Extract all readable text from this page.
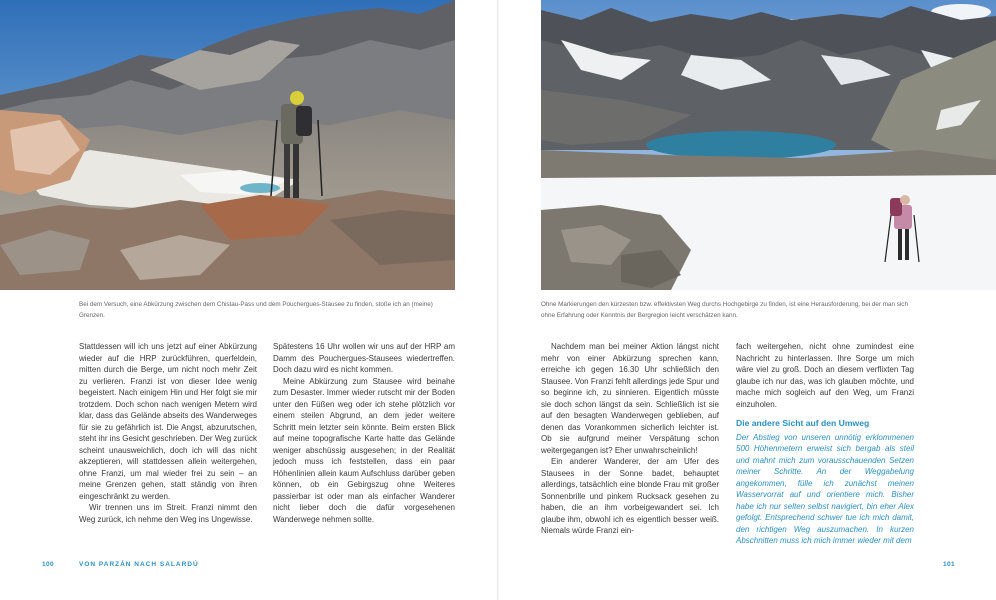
Bei dem Versuch, eine Abkürzung zwischen dem Chistau-Pass und dem Pouchergues-Stausee zu finden, stoße ich an (meine) Grenzen.
Ohne Markierungen den kürzesten bzw. effektivsten Weg durchs Hochgebirge zu finden, ist eine Herausforderung, bei der man sich ohne Erfahrung oder Kenntnis der Bergregion leicht verschätzen kann.

Stattdessen will ich uns jetzt auf einer Abkürzung wieder auf die HRP zurückführen, querfeldein, mitten durch die Berge, um nicht noch mehr Zeit zu verlieren. Franzi ist von dieser Idee wenig begeistert. Nach einigem Hin und Her folgt sie mir trotzdem. Doch schon nach wenigen Metern wird klar, dass das Gelände abseits des Wanderweges für sie zu gefährlich ist. Die Angst, abzurutschen, steht ihr ins Gesicht geschrieben. Der Weg zurück scheint unausweichlich, doch ich will das nicht akzeptieren, will stattdessen allein weitergehen, ohne Franzi, um mal wieder frei zu sein – an meine Grenzen gehen, statt ständig von ihren eingeschränkt zu werden.

Wir trennen uns im Streit. Franzi nimmt den Weg zurück, ich nehme den Weg ins Ungewisse.

Spätestens 16 Uhr wollen wir uns auf der HRP am Damm des Pouchergues-Stausees wiedertreffen. Doch dazu wird es nicht kommen.

Meine Abkürzung zum Stausee wird beinahe zum Desaster. Immer wieder rutscht mir der Boden unter den Füßen weg oder ich stehe plötzlich vor einem steilen Abgrund, an dem jeder weitere Schritt mein letzter sein könnte. Beim ersten Blick auf meine topografische Karte hatte das Gelände weniger abschüssig ausgesehen; in der Realität jedoch muss ich feststellen, dass ein paar Höhenlinien allein kaum Aufschluss darüber geben können, ob ein Gebirgszug ohne Weiteres passierbar ist oder man als einfacher Wanderer nicht lieber doch die dafür vorgesehenen Wanderwege nehmen sollte.

Nachdem man bei meiner Aktion längst nicht mehr von einer Abkürzung sprechen kann, erreiche ich gegen 16.30 Uhr schließlich den Stausee. Von Franzi fehlt allerdings jede Spur und so beginne ich, zu sinnieren. Eigentlich müsste sie doch schon längst da sein. Schließlich ist sie auf den besagten Wanderwegen geblieben, auf denen das Vorankommen sicherlich leichter ist. Ob sie aufgrund meiner Verspätung schon weitergegangen ist? Eher unwahrscheinlich!

Ein anderer Wanderer, der am Ufer des Stausees in der Sonne badet, behauptet allerdings, tatsächlich eine blonde Frau mit großer Sonnenbrille und pinkem Rucksack gesehen zu haben, die an ihm vorbeigewandert sei. Ich glaube ihm, obwohl ich es eigentlich besser weiß. Niemals würde Franzi ein-

fach weitergehen, nicht ohne zumindest eine Nachricht zu hinterlassen. Ihre Sorge um mich wäre viel zu groß. Doch an diesem verflixten Tag glaube ich nur das, was ich glauben möchte, und mache mich sogleich auf den Weg, um Franzi einzuholen.

Die andere Sicht auf den Umweg

Der Abstieg von unseren unnötig erklommenen 500 Höhenmetern erweist sich bergab als steil und mahnt mich zum vorausschauenden Setzen meiner Schritte. An der Weggabelung angekommen, fülle ich zunächst meinen Wasservorrat auf und orientiere mich. Bisher habe ich nur selten selbst navigiert, bin eher Alex gefolgt. Entsprechend schwer tue ich mich damit, den richtigen Weg auszumachen. In kurzen Abschnitten muss ich mich immer wieder mit dem

100	VON PARZÁN NACH SALARDÚ	101
